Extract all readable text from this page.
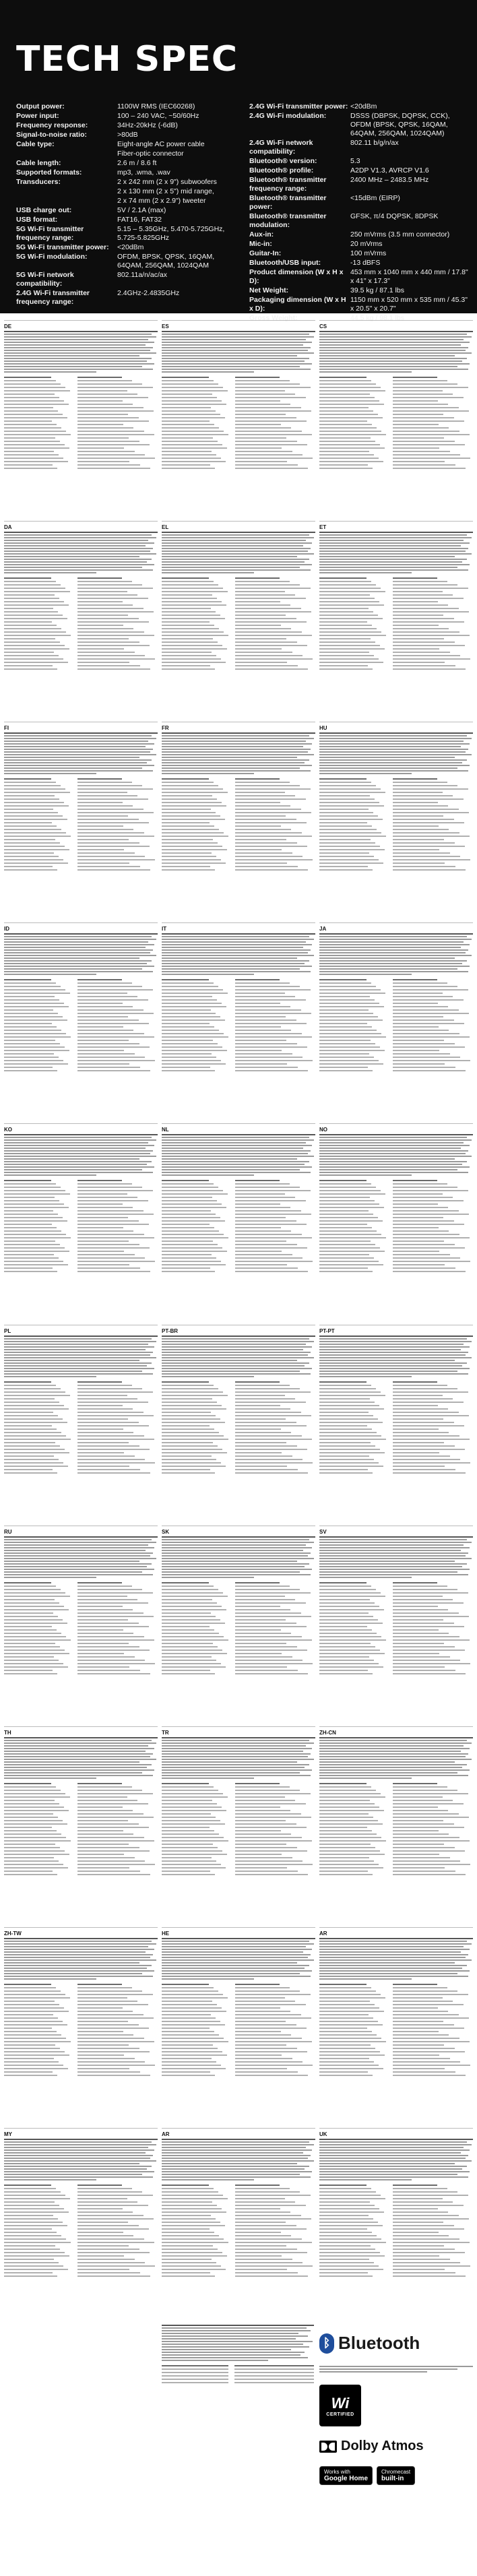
TECH SPEC
Output power:	1100W RMS (IEC60268)
Power input:	100 – 240 VAC, ~50/60Hz
Frequency response:	34Hz-20kHz (-6dB)
Signal-to-noise ratio:	>80dB
Cable type:	Eight-angle AC power cable
Fiber-optic connector
Cable length:	2.6 m / 8.6 ft
Supported formats:	mp3, .wma, .wav
Transducers:	2 x 242 mm (2 x 9") subwoofers
2 x 130 mm (2 x 5") mid range,
2 x 74 mm (2 x 2.9") tweeter
USB charge out:	5V / 2.1A (max)
USB format:	FAT16, FAT32
5G Wi-Fi transmitter frequency range:
5.15 – 5.35GHz, 5.470-5.725GHz, 5.725-5.825GHz
5G Wi-Fi transmitter power:	<20dBm
5G Wi-Fi modulation:	OFDM, BPSK, QPSK, 16QAM, 64QAM, 256QAM, 1024QAM
5G Wi-Fi network compatibility:
802.11a/n/ac/ax
2.4G Wi-Fi transmitter frequency range:
2.4GHz-2.4835GHz
2.4G Wi-Fi transmitter power: <20dBm
2.4G Wi-Fi modulation:	DSSS (DBPSK, DQPSK, CCK), OFDM (BPSK, QPSK, 16QAM, 64QAM, 256QAM, 1024QAM)
2.4G Wi-Fi network compatibility:
802.11 b/g/n/ax
Bluetooth® version:	5.3
Bluetooth® profile:	A2DP V1.3, AVRCP V1.6
Bluetooth® transmitter frequency range:
2400 MHz – 2483.5 MHz
Bluetooth® transmitter power:
<15dBm (EIRP)
Bluetooth® transmitter modulation:
GFSK, π/4 DQPSK, 8DPSK
Aux-in:	250 mVrms (3.5 mm connector)
Mic-in:	20 mVrms
Guitar-In:	100 mVrms
Bluetooth/USB input:	-13 dBFS
Product dimension (W x H x D):
453 mm x 1040 mm x 440 mm / 17.8" x 41" x 17.3"
Net Weight:	39.5 kg / 87.1 lbs
Packaging dimension (W x H x D):
1150 mm x 520 mm x 535 mm / 45.3" x 20.5" x 20.7"
Gross Weight:	44.5 kg / 98.1 lbs
DE	ES	CS
DA	EL	ET
FI	FR	HU
ID	IT	JA
KO	NL	NO
PL	PT-BR	PT-PT
RU	SK	SV
TH	TR	ZH-CN
ZH-TW	HE	AR
MY	AR	UK
ᛒ Bluetooth
Wi
CERTIFIED
Dolby Atmos
Works with
Google Home
Chromecast
built-in
